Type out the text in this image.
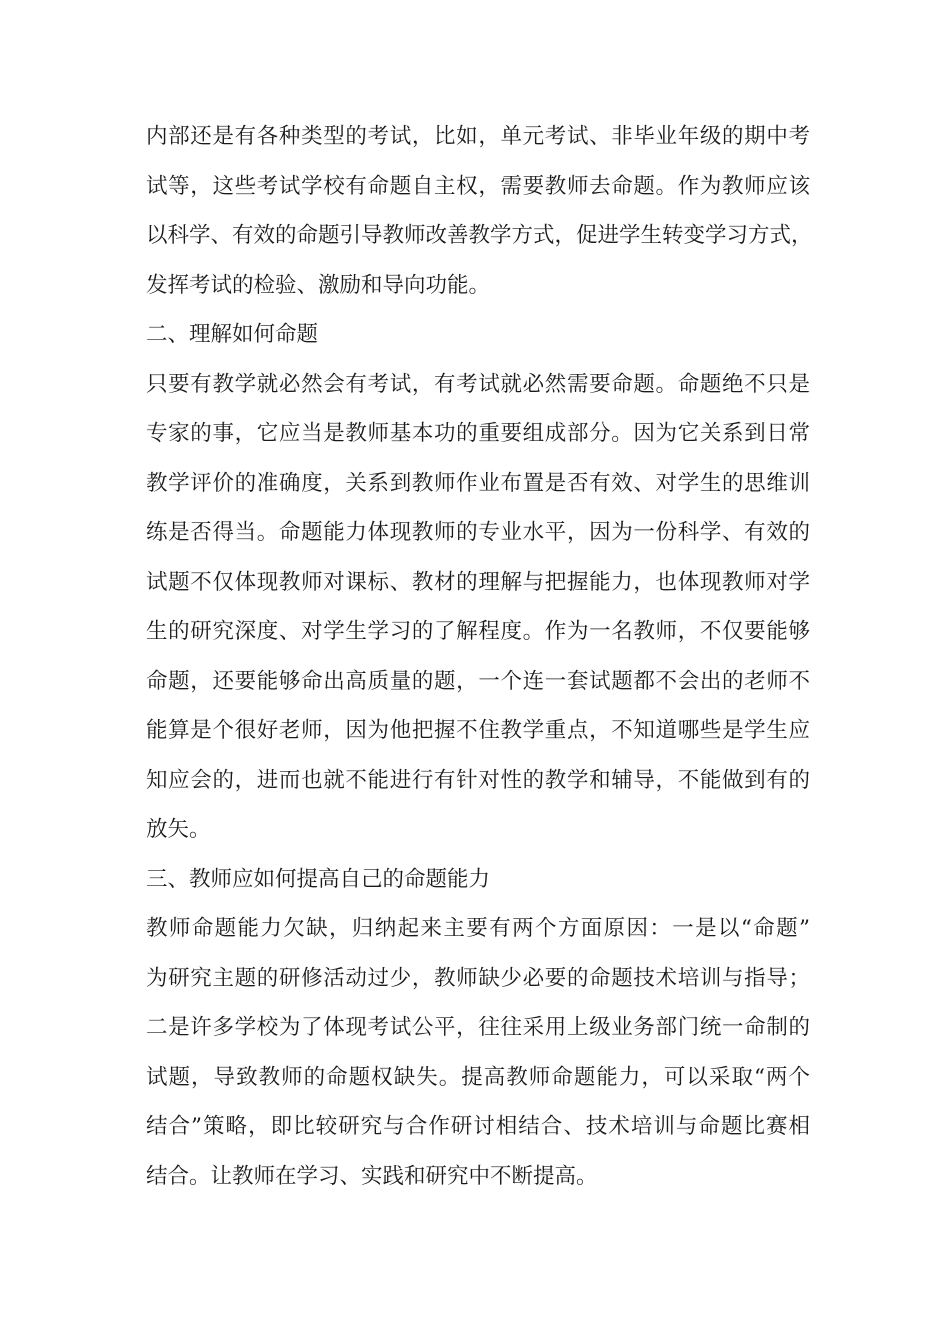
内部还是有各种类型的考试，比如，单元考试、非毕业年级的期中考
试等，这些考试学校有命题自主权，需要教师去命题。作为教师应该
以科学、有效的命题引导教师改善教学方式，促进学生转变学习方式，
发挥考试的检验、激励和导向功能。
二、理解如何命题
只要有教学就必然会有考试，有考试就必然需要命题。命题绝不只是
专家的事，它应当是教师基本功的重要组成部分。因为它关系到日常
教学评价的准确度，关系到教师作业布置是否有效、对学生的思维训
练是否得当。命题能力体现教师的专业水平，因为一份科学、有效的
试题不仅体现教师对课标、教材的理解与把握能力，也体现教师对学
生的研究深度、对学生学习的了解程度。作为一名教师，不仅要能够
命题，还要能够命出高质量的题，一个连一套试题都不会出的老师不
能算是个很好老师，因为他把握不住教学重点，不知道哪些是学生应
知应会的，进而也就不能进行有针对性的教学和辅导，不能做到有的
放矢。
三、教师应如何提高自己的命题能力
教师命题能力欠缺，归纳起来主要有两个方面原因：一是以“命题”
为研究主题的研修活动过少，教师缺少必要的命题技术培训与指导；
二是许多学校为了体现考试公平，往往采用上级业务部门统一命制的
试题，导致教师的命题权缺失。提高教师命题能力，可以采取“两个
结合”策略，即比较研究与合作研讨相结合、技术培训与命题比赛相
结合。让教师在学习、实践和研究中不断提高。
